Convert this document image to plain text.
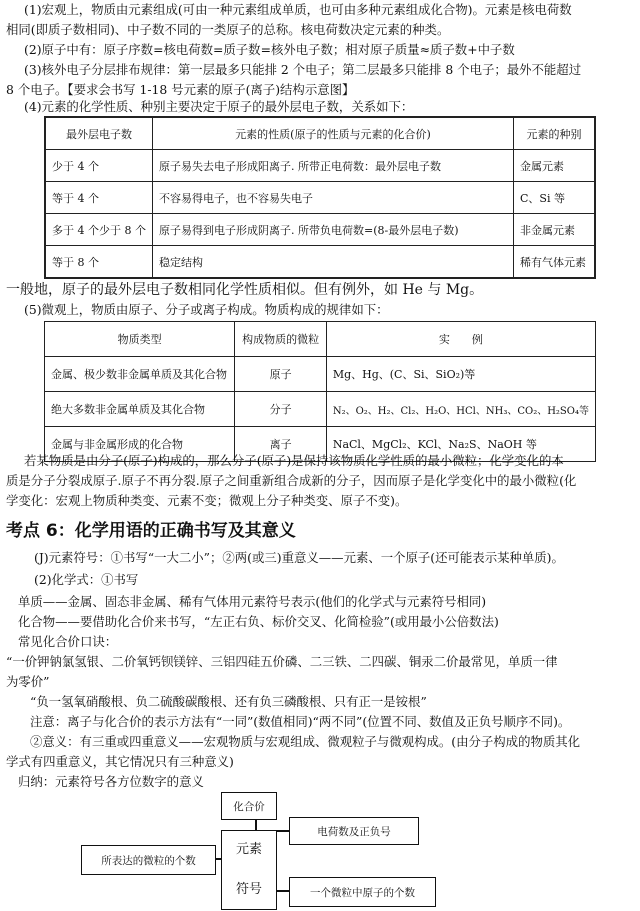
(1)宏观上，物质由元素组成(可由一种元素组成单质，也可由多种元素组成化合物)。元素是核电荷数
相同(即质子数相同)、中子数不同的一类原子的总称。核电荷数决定元素的种类。
(2)原子中有：原子序数=核电荷数=质子数=核外电子数；相对原子质量≈质子数+中子数
(3)核外电子分层排布规律：第一层最多只能排 2 个电子；第二层最多只能排 8 个电子；最外不能超过
8 个电子。【要求会书写 1-18 号元素的原子(离子)结构示意图】
(4)元素的化学性质、种别主要决定于原子的最外层电子数，关系如下：
最外层电子数	元素的性质(原子的性质与元素的化合价)	元素的种别
少于 4 个	原子易失去电子形成阳离子. 所带正电荷数：最外层电子数	金属元素
等于 4 个	不容易得电子，也不容易失电子	C、Si 等
多于 4 个少于 8 个	原子易得到电子形成阴离子. 所带负电荷数=(8-最外层电子数)	非金属元素
等于 8 个	稳定结构	稀有气体元素
一般地，原子的最外层电子数相同化学性质相似。但有例外，如 He 与 Mg。
(5)微观上，物质由原子、分子或离子构成。物质构成的规律如下：
物质类型	构成物质的微粒	实　　例
金属、极少数非金属单质及其化合物	原子	Mg、Hg、(C、Si、SiO₂)等
绝大多数非金属单质及其化合物	分子	N₂、O₂、H₂、Cl₂、H₂O、HCl、NH₃、CO₂、H₂SO₄等
金属与非金属形成的化合物	离子	NaCl、MgCl₂、KCl、Na₂S、NaOH 等
若某物质是由分子(原子)构成的，那么分子(原子)是保持该物质化学性质的最小微粒；化学变化的本
质是分子分裂成原子.原子不再分裂.原子之间重新组合成新的分子，因而原子是化学变化中的最小微粒(化
学变化：宏观上物质种类变、元素不变；微观上分子种类变、原子不变)。
考点 6：化学用语的正确书写及其意义
(J)元素符号：①书写“一大二小”；②两(或三)重意义——元素、一个原子(还可能表示某种单质)。
(2)化学式：①书写
单质——金属、固态非金属、稀有气体用元素符号表示(他们的化学式与元素符号相同)
化合物——要借助化合价来书写，“左正右负、标价交叉、化简检验”(或用最小公倍数法)
常见化合价口诀：
“一价钾钠氯氢银、二价氧钙钡镁锌、三铝四硅五价磷、二三铁、二四碳、铜汞二价最常见，单质一律
为零价”
“负一氢氧硝酸根、负二硫酸碳酸根、还有负三磷酸根、只有正一是铵根”
注意：离子与化合价的表示方法有“一同”(数值相同)“两不同”(位置不同、数值及正负号顺序不同)。
②意义：有三重或四重意义——宏观物质与宏观组成、微观粒子与微观构成。(由分子构成的物质其化
学式有四重意义，其它情况只有三种意义)
归纳：元素符号各方位数字的意义
化合价
元素
符号
电荷数及正负号
所表达的微粒的个数
一个微粒中原子的个数
